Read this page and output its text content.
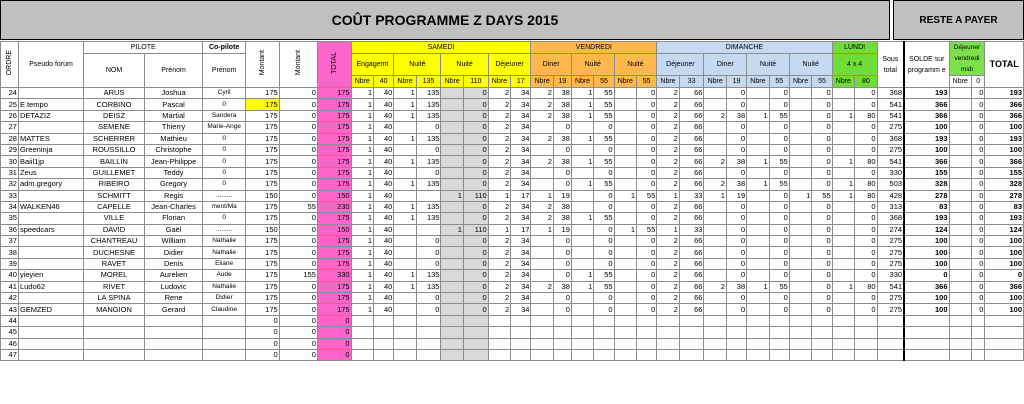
COÛT PROGRAMME Z DAYS 2015	RESTE A PAYER
ORDRE	Pseudo forum	PILOTE		Co-pilote	Montant	Montant	TOTAL	SAMEDI								VENDREDI						DIMANCHE								LUNDI		Sous total	SOLDE sur programm e	Déjeuner vendredi midi		TOTAL
		NOM	Prénom	Prénom				Engagemt		Nuité		Nuité		Déjeuner		Diner		Nuité		Nuité		Déjeuner		Diner		Nuité		Nuité		4 x 4						
								Nbre	40	Nbre	135	Nbre	110	Nbre	17	Nbre	19	Nbre	55	Nbre	55	Nbre	33	Nbre	19	Nbre	55	Nbre	55	Nbre	80			Nbre	0	
24		ARUS	Joshua	Cyril	175	0	175	1	40	1	135		0	2	34	2	38	1	55		0	2	66		0		0		0		0	368	193		0	193
25	E tempo	CORBINO	Pascal	0	175	0	175	1	40	1	135		0	2	34	2	38	1	55		0	2	66		0		0		0		0	541	366		0	366
26	DETAZIZ	DEISZ	Martial	Sandera	175	0	175	1	40	1	135		0	2	34	2	38	1	55		0	2	66	2	38	1	55		0	1	80	541	366		0	366
27		SEMENE	Thierry	Marie-Ange	175	0	175	1	40		0		0	2	34		0		0		0	2	66		0		0		0		0	275	100		0	100
28	MATTES	SCHERRER	Mathieu	0	175	0	175	1	40	1	135		0	2	34	2	38	1	55		0	2	66		0		0		0		0	368	193		0	193
29	Greeninja	ROUSSILLO	Christophe	0	175	0	175	1	40		0		0	2	34		0		0		0	2	66		0		0		0		0	275	100		0	100
30	Baiil1jp	BAILLIN	Jean-Philippe	0	175	0	175	1	40	1	135		0	2	34	2	38	1	55		0	2	66	2	38	1	55		0	1	80	541	366		0	366
31	Zeus	GUILLEMET	Teddy	0	175	0	175	1	40		0		0	2	34		0		0		0	2	66		0		0		0		0	330	155		0	155
32	adm.gregory	RIBEIRO	Gregory	0	175	0	175	1	40	1	135		0	2	34		0	1	55		0	2	66	2	38	1	55		0	1	80	503	328		0	328
33		SCHMITT	Regis	.........	150	0	150	1	40			1	110	1	17	1	19		0	1	55	1	33	1	19		0	1	55	1	80	428	278		0	278
34	WALKEN46	CAPELLE	Jean-Charles	ment/Ma	175	55	230	1	40	1	135		0	2	34	2	38		0		0	2	66		0		0		0		0	313	83		0	83
35		VILLE	Florian	0	175	0	175	1	40	1	135		0	2	34	2	38	1	55		0	2	66		0		0		0		0	368	193		0	193
36	speedcars	DAVID	Gaël	.........	150	0	150	1	40			1	110	1	17	1	19		0	1	55	1	33		0		0		0		0	274	124		0	124
37		CHANTREAU	William	Nathalie	175	0	175	1	40		0		0	2	34		0		0		0	2	66		0		0		0		0	275	100		0	100
38		DUCHESNE	Didier	Nathalie	175	0	175	1	40		0		0	2	34		0		0		0	2	66		0		0		0		0	275	100		0	100
39		RAVET	Denis	Eliane	175	0	175	1	40		0		0	2	34		0		0		0	2	66		0		0		0		0	275	100		0	100
40	yieyien	MOREL	Aurelien	Aude	175	155	330	1	40	1	135		0	2	34		0	1	55		0	2	66		0		0		0		0	330	0		0	0
41	Ludo62	RIVET	Ludovic	Nathalie	175	0	175	1	40	1	135		0	2	34	2	38	1	55		0	2	66	2	38	1	55		0	1	80	541	366		0	366
42		LA SPINA	Rene	Didier	175	0	175	1	40		0		0	2	34		0		0		0	2	66		0		0		0		0	275	100		0	100
43	GEMZED	MANGION	Gerard	Claudine	175	0	175	1	40		0		0	2	34		0		0		0	2	66		0		0		0		0	275	100		0	100
44					0	0	0																													
45					0	0	0																													
46					0	0	0																													
47					0	0	0																													
